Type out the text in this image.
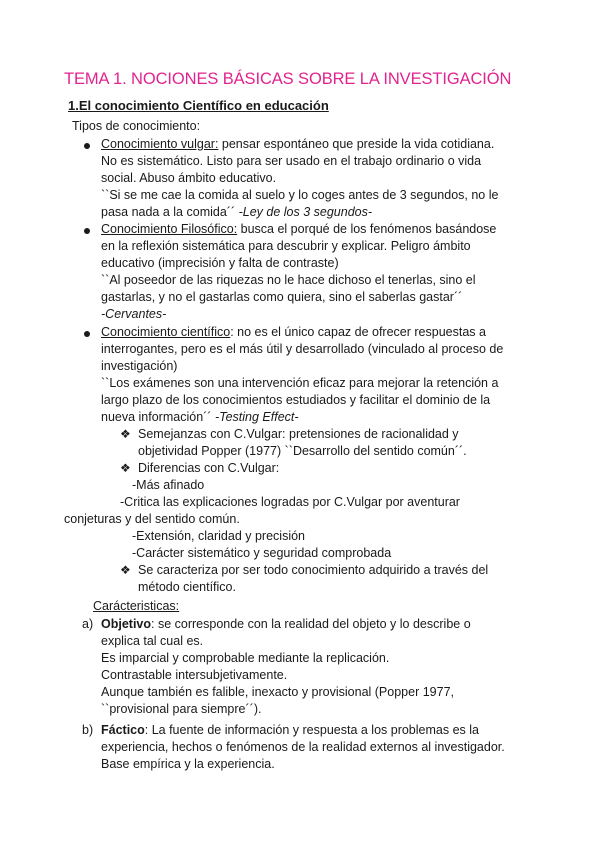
TEMA 1. NOCIONES BÁSICAS SOBRE LA INVESTIGACIÓN
1.El conocimiento Científico en educación
Tipos de conocimiento:
Conocimiento vulgar: pensar espontáneo que preside la vida cotidiana.
No es sistemático. Listo para ser usado en el trabajo ordinario o vida
social. Abuso ámbito educativo.
``Si se me cae la comida al suelo y lo coges antes de 3 segundos, no le
pasa nada a la comida´´ -Ley de los 3 segundos-
Conocimiento Filosófico: busca el porqué de los fenómenos basándose
en la reflexión sistemática para descubrir y explicar. Peligro ámbito
educativo (imprecisión y falta de contraste)
``Al poseedor de las riquezas no le hace dichoso el tenerlas, sino el
gastarlas, y no el gastarlas como quiera, sino el saberlas gastar´´
-Cervantes-
Conocimiento científico: no es el único capaz de ofrecer respuestas a
interrogantes, pero es el más útil y desarrollado (vinculado al proceso de
investigación)
``Los exámenes son una intervención eficaz para mejorar la retención a
largo plazo de los conocimientos estudiados y facilitar el dominio de la
nueva información´´ -Testing Effect-
❖ Semejanzas con C.Vulgar: pretensiones de racionalidad y
objetividad Popper (1977) ``Desarrollo del sentido común´´.
❖ Diferencias con C.Vulgar:
-Más afinado
-Critica las explicaciones logradas por C.Vulgar por aventurar
conjeturas y del sentido común.
-Extensión, claridad y precisión
-Carácter sistemático y seguridad comprobada
❖ Se caracteriza por ser todo conocimiento adquirido a través del
método científico.
Carácteristicas:
a) Objetivo: se corresponde con la realidad del objeto y lo describe o
explica tal cual es.
Es imparcial y comprobable mediante la replicación.
Contrastable intersubjetivamente.
Aunque también es falible, inexacto y provisional (Popper 1977,
``provisional para siempre´´).
b) Fáctico: La fuente de información y respuesta a los problemas es la
experiencia, hechos o fenómenos de la realidad externos al investigador.
Base empírica y la experiencia.
